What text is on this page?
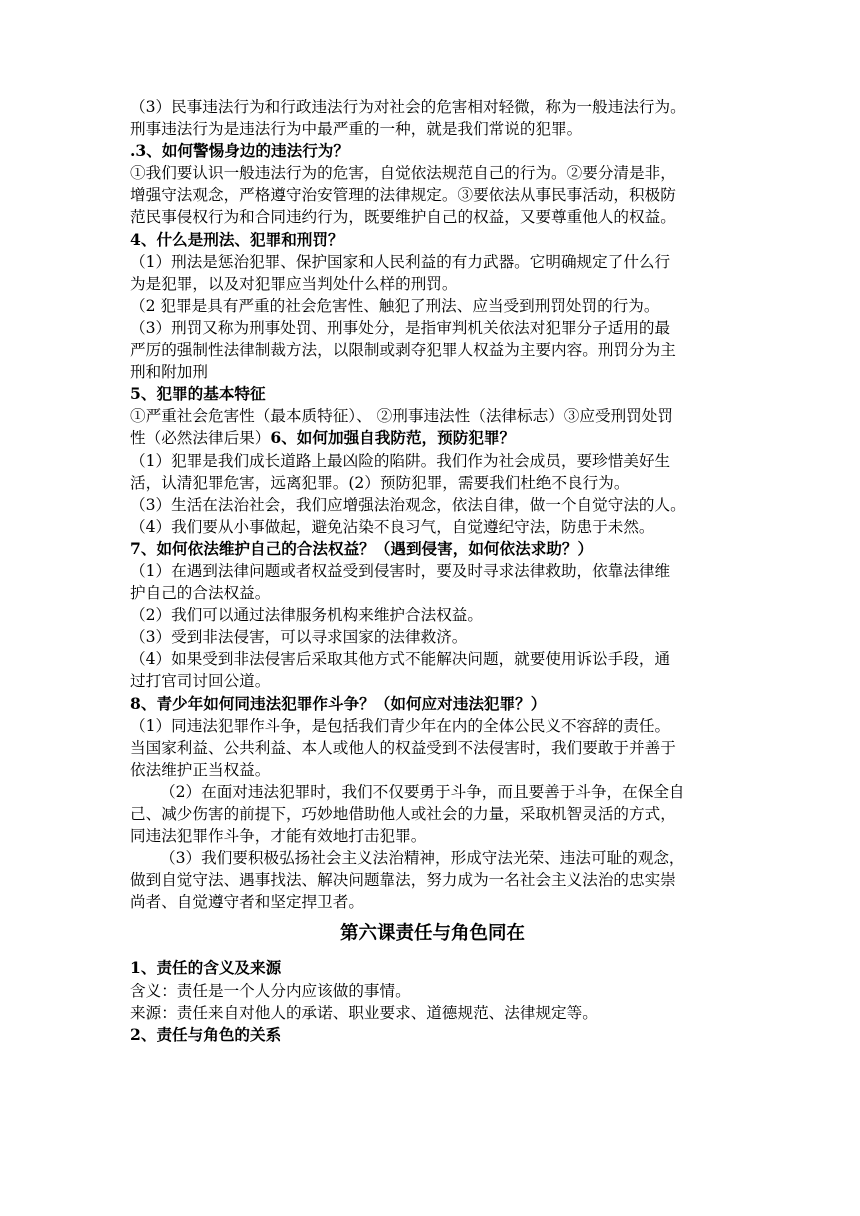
（3）民事违法行为和行政违法行为对社会的危害相对轻微，称为一般违法行为。

刑事违法行为是违法行为中最严重的一种，就是我们常说的犯罪。

.3、如何警惕身边的违法行为？

①我们要认识一般违法行为的危害，自觉依法规范自己的行为。②要分清是非，

增强守法观念，严格遵守治安管理的法律规定。③要依法从事民事活动，积极防

范民事侵权行为和合同违约行为，既要维护自己的权益，又要尊重他人的权益。

4、什么是刑法、犯罪和刑罚？

（1）刑法是惩治犯罪、保护国家和人民利益的有力武器。它明确规定了什么行

为是犯罪，以及对犯罪应当判处什么样的刑罚。

（2 犯罪是具有严重的社会危害性、触犯了刑法、应当受到刑罚处罚的行为。

（3）刑罚又称为刑事处罚、刑事处分，是指审判机关依法对犯罪分子适用的最

严厉的强制性法律制裁方法，以限制或剥夺犯罪人权益为主要内容。刑罚分为主

刑和附加刑

5、犯罪的基本特征

①严重社会危害性（最本质特征）、 ②刑事违法性（法律标志）③应受刑罚处罚

性（必然法律后果）6、如何加强自我防范，预防犯罪？

（1）犯罪是我们成长道路上最凶险的陷阱。我们作为社会成员，要珍惜美好生

活，认清犯罪危害，远离犯罪。(2）预防犯罪，需要我们杜绝不良行为。

（3）生活在法治社会，我们应增强法治观念，依法自律，做一个自觉守法的人。

（4）我们要从小事做起，避免沾染不良习气，自觉遵纪守法，防患于未然。

7、如何依法维护自己的合法权益？（遇到侵害，如何依法求助？）

（1）在遇到法律问题或者权益受到侵害时，要及时寻求法律救助，依靠法律维

护自己的合法权益。

（2）我们可以通过法律服务机构来维护合法权益。

（3）受到非法侵害，可以寻求国家的法律救济。

（4）如果受到非法侵害后采取其他方式不能解决问题，就要使用诉讼手段，通

过打官司讨回公道。

8、青少年如何同违法犯罪作斗争？（如何应对违法犯罪？）

（1）同违法犯罪作斗争，是包括我们青少年在内的全体公民义不容辞的责任。

当国家利益、公共利益、本人或他人的权益受到不法侵害时，我们要敢于并善于

依法维护正当权益。

（2）在面对违法犯罪时，我们不仅要勇于斗争，而且要善于斗争，在保全自

己、减少伤害的前提下，巧妙地借助他人或社会的力量，采取机智灵活的方式，

同违法犯罪作斗争，才能有效地打击犯罪。

（3）我们要积极弘扬社会主义法治精神，形成守法光荣、违法可耻的观念，

做到自觉守法、遇事找法、解决问题靠法，努力成为一名社会主义法治的忠实崇

尚者、自觉遵守者和坚定捍卫者。

第六课责任与角色同在

1、责任的含义及来源

含义：责任是一个人分内应该做的事情。

来源：责任来自对他人的承诺、职业要求、道德规范、法律规定等。

2、责任与角色的关系
